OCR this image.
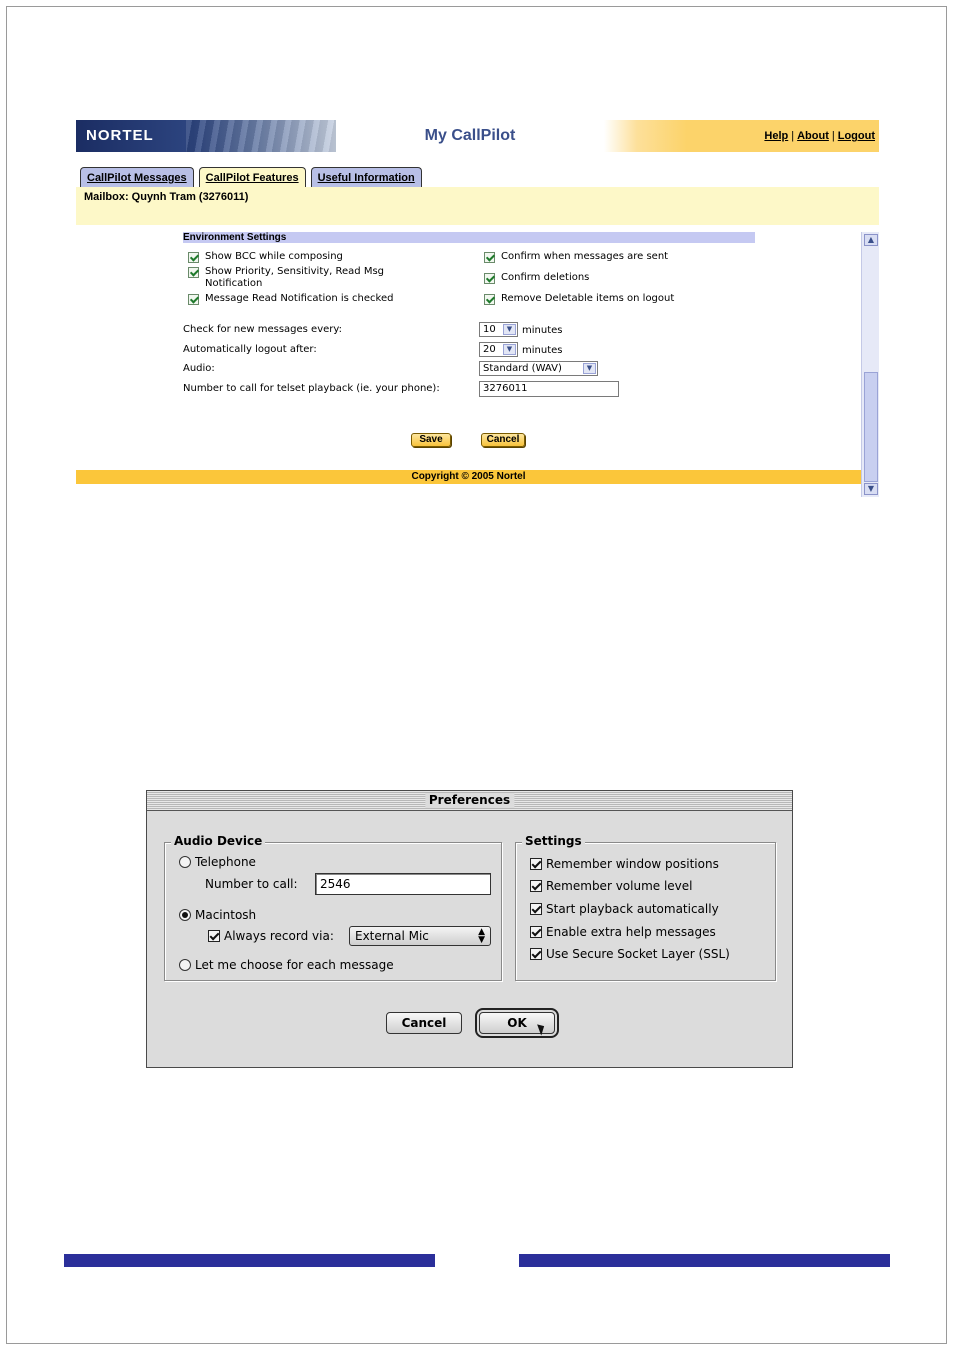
NORTEL	My CallPilot	Help | About | Logout
CallPilot Messages	CallPilot Features	Useful Information
Mailbox: Quynh Tram (3276011)
Environment Settings
Show BCC while composing
Show Priority, Sensitivity, Read Msg Notification
Message Read Notification is checked
Confirm when messages are sent
Confirm deletions
Remove Deletable items on logout
Check for new messages every:	10	▼ minutes
Automatically logout after:	20	▼ minutes
Audio:	Standard (WAV)	▼
Number to call for telset playback (ie. your phone):	3276011
Save	Cancel
Copyright © 2005 Nortel
▲
▼
Preferences
Audio Device
Telephone
Number to call:	2546
Macintosh
Always record via:	External Mic	▲
▼
Let me choose for each message
Settings
Remember window positions
Remember volume level
Start playback automatically
Enable extra help messages
Use Secure Socket Layer (SSL)
Cancel	OK
